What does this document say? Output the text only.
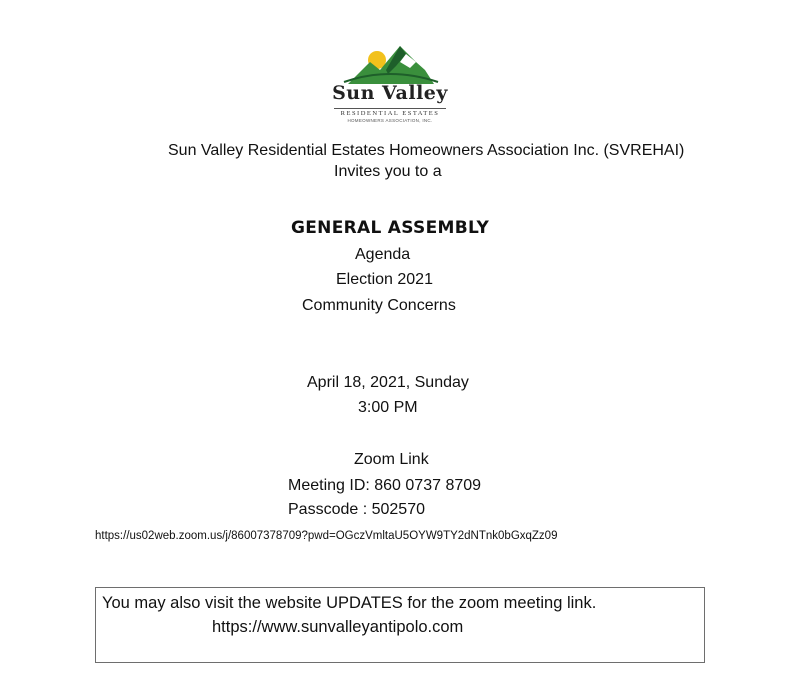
Sun Valley
RESIDENTIAL ESTATES
HOMEOWNERS ASSOCIATION, INC.
Sun Valley Residential Estates Homeowners Association Inc. (SVREHAI)
Invites you to a
GENERAL ASSEMBLY
Agenda
Election 2021
Community Concerns
April 18, 2021, Sunday
3:00 PM
Zoom Link
Meeting ID: 860 0737 8709
Passcode : 502570
https://us02web.zoom.us/j/86007378709?pwd=OGczVmltaU5OYW9TY2dNTnk0bGxqZz09
You may also visit the website UPDATES for the zoom meeting link.
https://www.sunvalleyantipolo.com
